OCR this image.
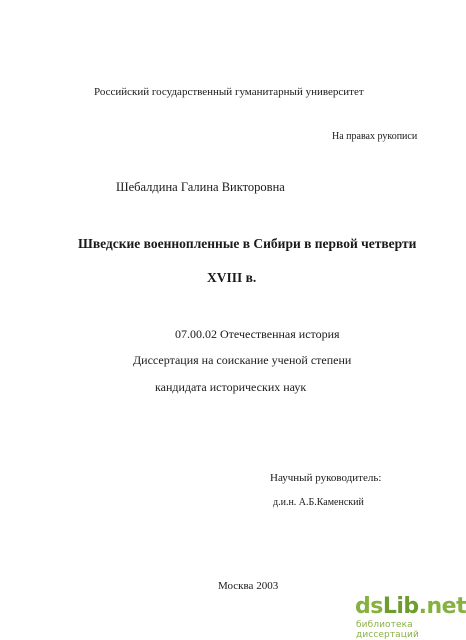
Российский государственный гуманитарный университет
На правах рукописи
Шебалдина Галина Викторовна
Шведские военнопленные в Сибири в первой четверти
XVIII в.
07.00.02 Отечественная история
Диссертация на соискание ученой степени
кандидата исторических наук
Научный руководитель:
д.и.н. А.Б.Каменский
Москва 2003
dsLib.net
библиотека диссертаций
